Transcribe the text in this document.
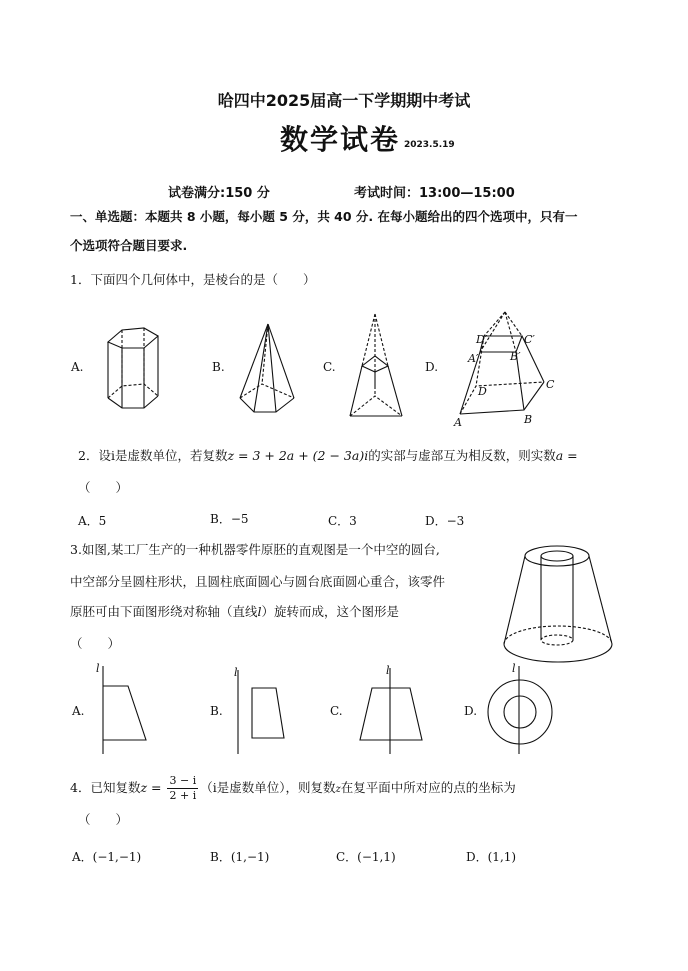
哈四中2025届高一下学期期中考试
数学试卷 2023.5.19
试卷满分:150 分	考试时间：13:00—15:00
一、单选题：本题共 8 小题，每小题 5 分，共 40 分. 在每小题给出的四个选项中，只有一
个选项符合题目要求.
1．下面四个几何体中，是棱台的是（　　）
A.	B.	C.	D.
D′	C′
A′	B′
D
C
A	B
2．设i是虚数单位，若复数z = 3 + 2a + (2 − 3a)i的实部与虚部互为相反数，则实数a =
（　　）
A．5	B．−5	C．3	D．−3
3.如图,某工厂生产的一种机器零件原胚的直观图是一个中空的圆台,
中空部分呈圆柱形状，且圆柱底面圆心与圆台底面圆心重合，该零件
原胚可由下面图形绕对称轴（直线l）旋转而成，这个图形是
（　　）
A.
l
B.
l
C.
l
D.
l
4．已知复数$z = \frac{3 - i}{2 + i} (i$是虚数单位），则复数z在复平面中所对应的点的坐标为
（　　）
A．(−1,−1)	B．(1,−1)	C．(−1,1)	D．(1,1)
